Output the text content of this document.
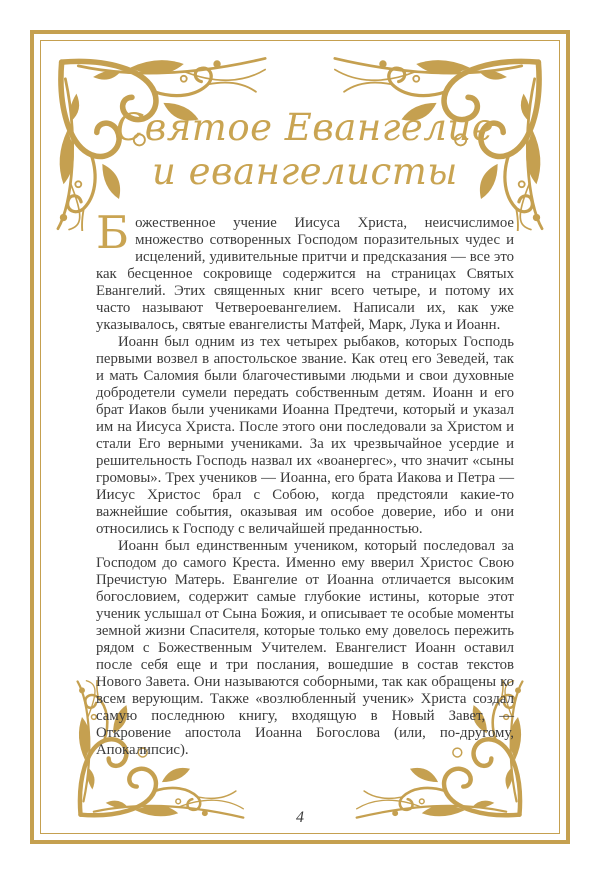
Святое Евангелие
и евангелисты

Божественное учение Иисуса Христа, неисчислимое множество сотворенных Господом поразительных чудес и исцелений, удивительные притчи и предсказания — все это как бесценное сокровище содержится на страницах Святых Евангелий. Этих священных книг всего четыре, и потому их часто называют Четвероевангелием. Написали их, как уже указывалось, святые евангелисты Матфей, Марк, Лука и Иоанн.

Иоанн был одним из тех четырех рыбаков, которых Господь первыми возвел в апостольское звание. Как отец его Зеведей, так и мать Саломия были благочестивыми людьми и свои духовные добродетели сумели передать собственным детям. Иоанн и его брат Иаков были учениками Иоанна Предтечи, который и указал им на Иисуса Христа. После этого они последовали за Христом и стали Его верными учениками. За их чрезвычайное усердие и решительность Господь назвал их «воанергес», что значит «сыны громовы». Трех учеников — Иоанна, его брата Иакова и Петра — Иисус Христос брал с Собою, когда предстояли какие-то важнейшие события, оказывая им особое доверие, ибо и они относились к Господу с величайшей преданностью.

Иоанн был единственным учеником, который последовал за Господом до самого Креста. Именно ему вверил Христос Свою Пречистую Матерь. Евангелие от Иоанна отличается высоким богословием, содержит самые глубокие истины, которые этот ученик услышал от Сына Божия, и описывает те особые моменты земной жизни Спасителя, которые только ему довелось пережить рядом с Божественным Учителем. Евангелист Иоанн оставил после себя еще и три послания, вошедшие в состав текстов Нового Завета. Они называются соборными, так как обращены ко всем верующим. Также «возлюбленный ученик» Христа создал самую последнюю книгу, входящую в Новый Завет, — Откровение апостола Иоанна Богослова (или, по-другому, Апокалипсис).

4
